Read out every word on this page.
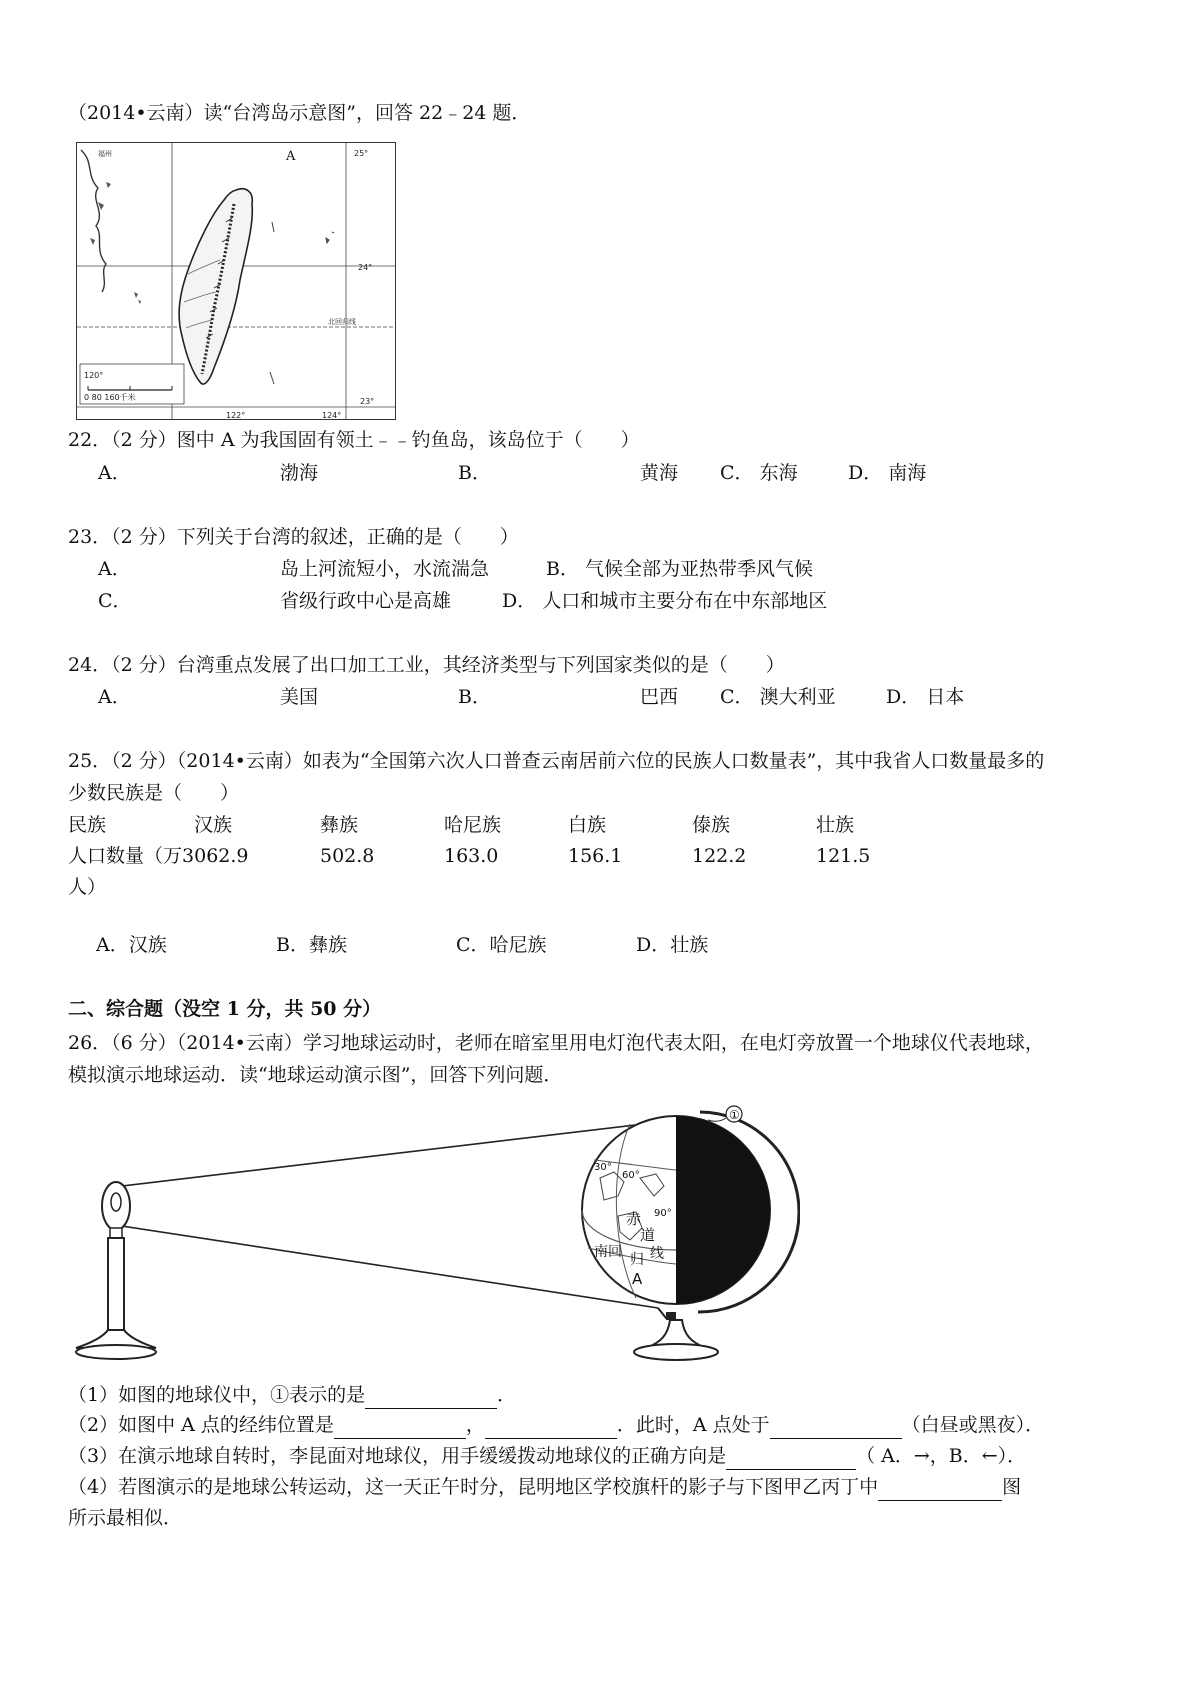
（2014•云南）读“台湾岛示意图”，回答 22﹣24 题．
120°
0 80 160千米
A	25°
24°
北回归线
23°
122°	124°
福州
22．（2 分）图中 A 为我国固有领土﹣﹣钓鱼岛，该岛位于（　　）
A．	渤海	B．	黄海 C． 东海	D． 南海
23．（2 分）下列关于台湾的叙述，正确的是（　　）
A．	岛上河流短小，水流湍急	B． 气候全部为亚热带季风气候
C．	省级行政中心是高雄	D． 人口和城市主要分布在中东部地区
24．（2 分）台湾重点发展了出口加工工业，其经济类型与下列国家类似的是（　　）
A．	美国	B．	巴西 C． 澳大利亚	D． 日本
25．（2 分）（2014•云南）如表为“全国第六次人口普查云南居前六位的民族人口数量表”，其中我省人口数量最多的
少数民族是（　　）
民族	汉族	彝族	哈尼族	白族	傣族	壮族
人口数量（万3062.9	502.8	163.0	156.1	122.2	121.5
人）
A．汉族	B．彝族	C．哈尼族	D．壮族
二、综合题（没空 1 分，共 50 分）
26．（6 分）（2014•云南）学习地球运动时，老师在暗室里用电灯泡代表太阳，在电灯旁放置一个地球仪代表地球，
模拟演示地球运动．读“地球运动演示图”，回答下列问题．
①
30°
60°
90°
赤
道
南回 归 线
A
（1）如图的地球仪中，①表示的是	．
（2）如图中 A 点的经纬位置是	，	．此时，A 点处于	（白昼或黑夜）．
（3）在演示地球自转时，李昆面对地球仪，用手缓缓拨动地球仪的正确方向是	（ A．→，B．←）．
（4）若图演示的是地球公转运动，这一天正午时分，昆明地区学校旗杆的影子与下图甲乙丙丁中	图
所示最相似．
